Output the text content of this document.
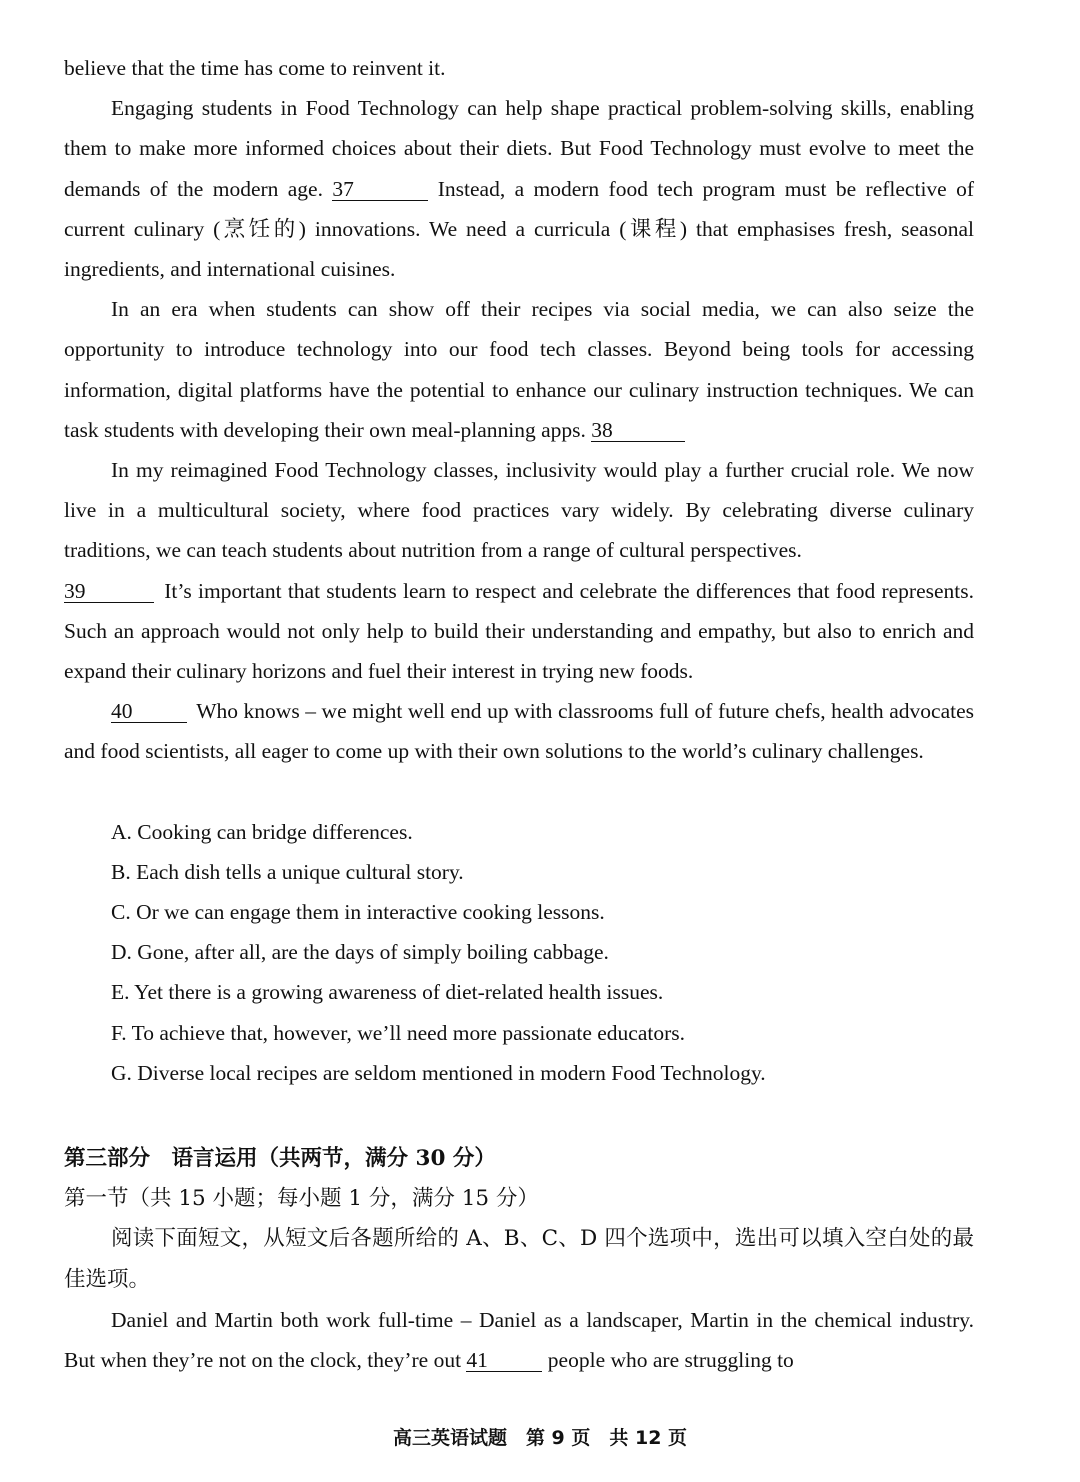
believe that the time has come to reinvent it.

Engaging students in Food Technology can help shape practical problem-solving skills, enabling them to make more informed choices about their diets. But Food Technology must evolve to meet the demands of the modern age. 37	Instead, a modern food tech program must be reflective of current culinary (烹饪的) innovations. We need a curricula (课程) that emphasises fresh, seasonal ingredients, and international cuisines.

In an era when students can show off their recipes via social media, we can also seize the opportunity to introduce technology into our food tech classes. Beyond being tools for accessing information, digital platforms have the potential to enhance our culinary instruction techniques. We can task students with developing their own meal-planning apps. 38

In my reimagined Food Technology classes, inclusivity would play a further crucial role. We now live in a multicultural society, where food practices vary widely. By celebrating diverse culinary traditions, we can teach students about nutrition from a range of cultural perspectives.

39	It’s important that students learn to respect and celebrate the differences that food represents. Such an approach would not only help to build their understanding and empathy, but also to enrich and expand their culinary horizons and fuel their interest in trying new foods.

40	Who knows – we might well end up with classrooms full of future chefs, health advocates and food scientists, all eager to come up with their own solutions to the world’s culinary challenges.

A. Cooking can bridge differences.

B. Each dish tells a unique cultural story.

C. Or we can engage them in interactive cooking lessons.

D. Gone, after all, are the days of simply boiling cabbage.

E. Yet there is a growing awareness of diet-related health issues.

F. To achieve that, however, we’ll need more passionate educators.

G. Diverse local recipes are seldom mentioned in modern Food Technology.

第三部分　语言运用（共两节，满分 30 分）

第一节（共 15 小题；每小题 1 分，满分 15 分）

阅读下面短文，从短文后各题所给的 A、B、C、D 四个选项中，选出可以填入空白处的最佳选项。

Daniel and Martin both work full-time – Daniel as a landscaper, Martin in the chemical industry. But when they’re not on the clock, they’re out 41	people who are struggling to

高三英语试题　第 9 页　共 12 页
